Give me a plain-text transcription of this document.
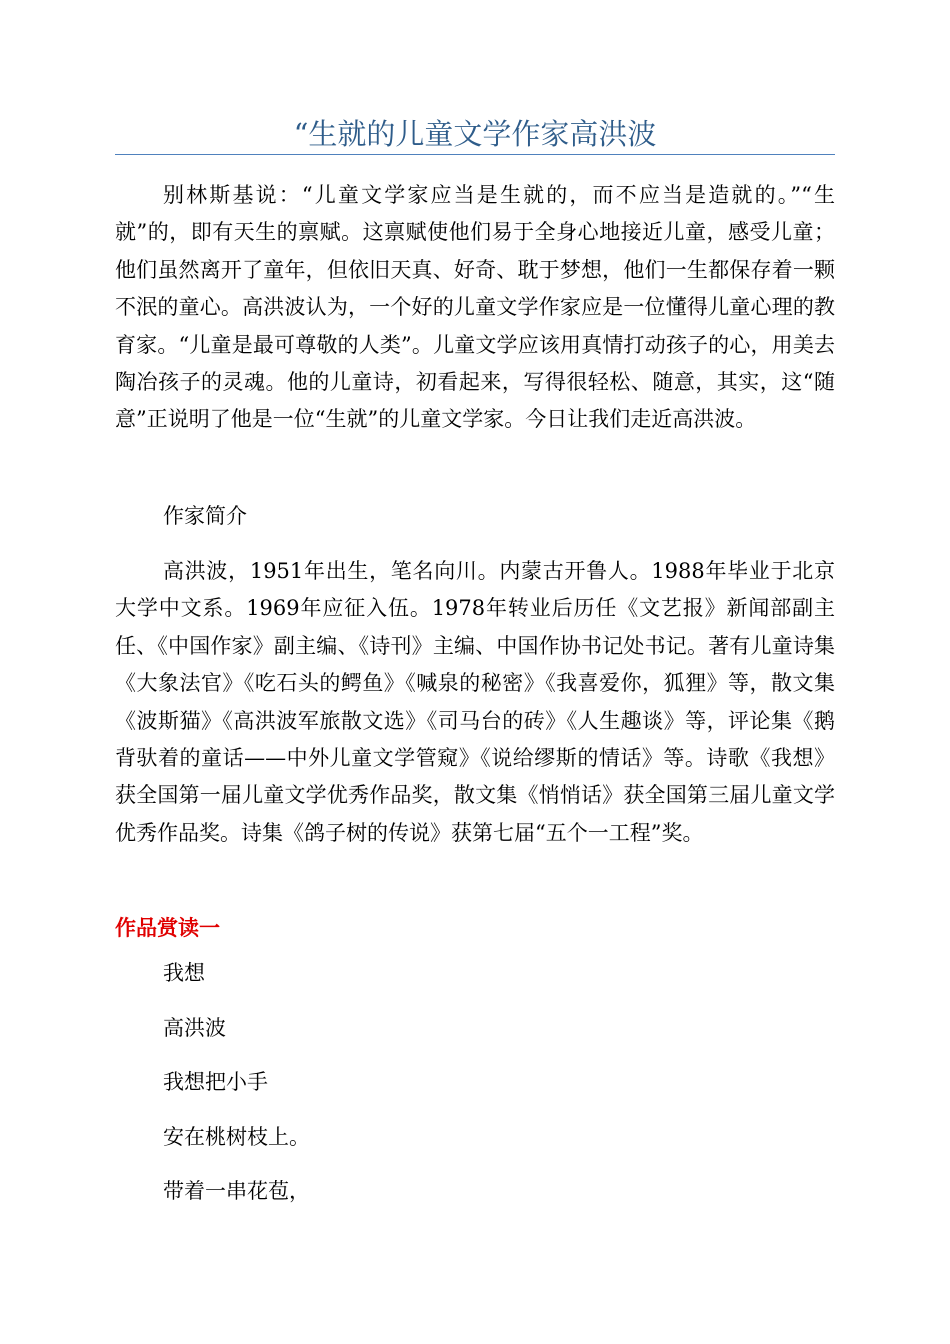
“生就的儿童文学作家高洪波

别林斯基说：“儿童文学家应当是生就的，而不应当是造就的。”“生就”的，即有天生的禀赋。这禀赋使他们易于全身心地接近儿童，感受儿童；他们虽然离开了童年，但依旧天真、好奇、耽于梦想，他们一生都保存着一颗不泯的童心。高洪波认为，一个好的儿童文学作家应是一位懂得儿童心理的教育家。“儿童是最可尊敬的人类”。儿童文学应该用真情打动孩子的心，用美去陶冶孩子的灵魂。他的儿童诗，初看起来，写得很轻松、随意，其实，这“随意”正说明了他是一位“生就”的儿童文学家。今日让我们走近高洪波。

作家简介

高洪波，1951年出生，笔名向川。内蒙古开鲁人。1988年毕业于北京大学中文系。1969年应征入伍。1978年转业后历任《文艺报》新闻部副主任、《中国作家》副主编、《诗刊》主编、中国作协书记处书记。著有儿童诗集《大象法官》《吃石头的鳄鱼》《喊泉的秘密》《我喜爱你，狐狸》等，散文集《波斯猫》《高洪波军旅散文选》《司马台的砖》《人生趣谈》等，评论集《鹅背驮着的童话——中外儿童文学管窥》《说给缪斯的情话》等。诗歌《我想》获全国第一届儿童文学优秀作品奖，散文集《悄悄话》获全国第三届儿童文学优秀作品奖。诗集《鸽子树的传说》获第七届“五个一工程”奖。

作品赏读一

我想

高洪波

我想把小手

安在桃树枝上。

带着一串花苞，
